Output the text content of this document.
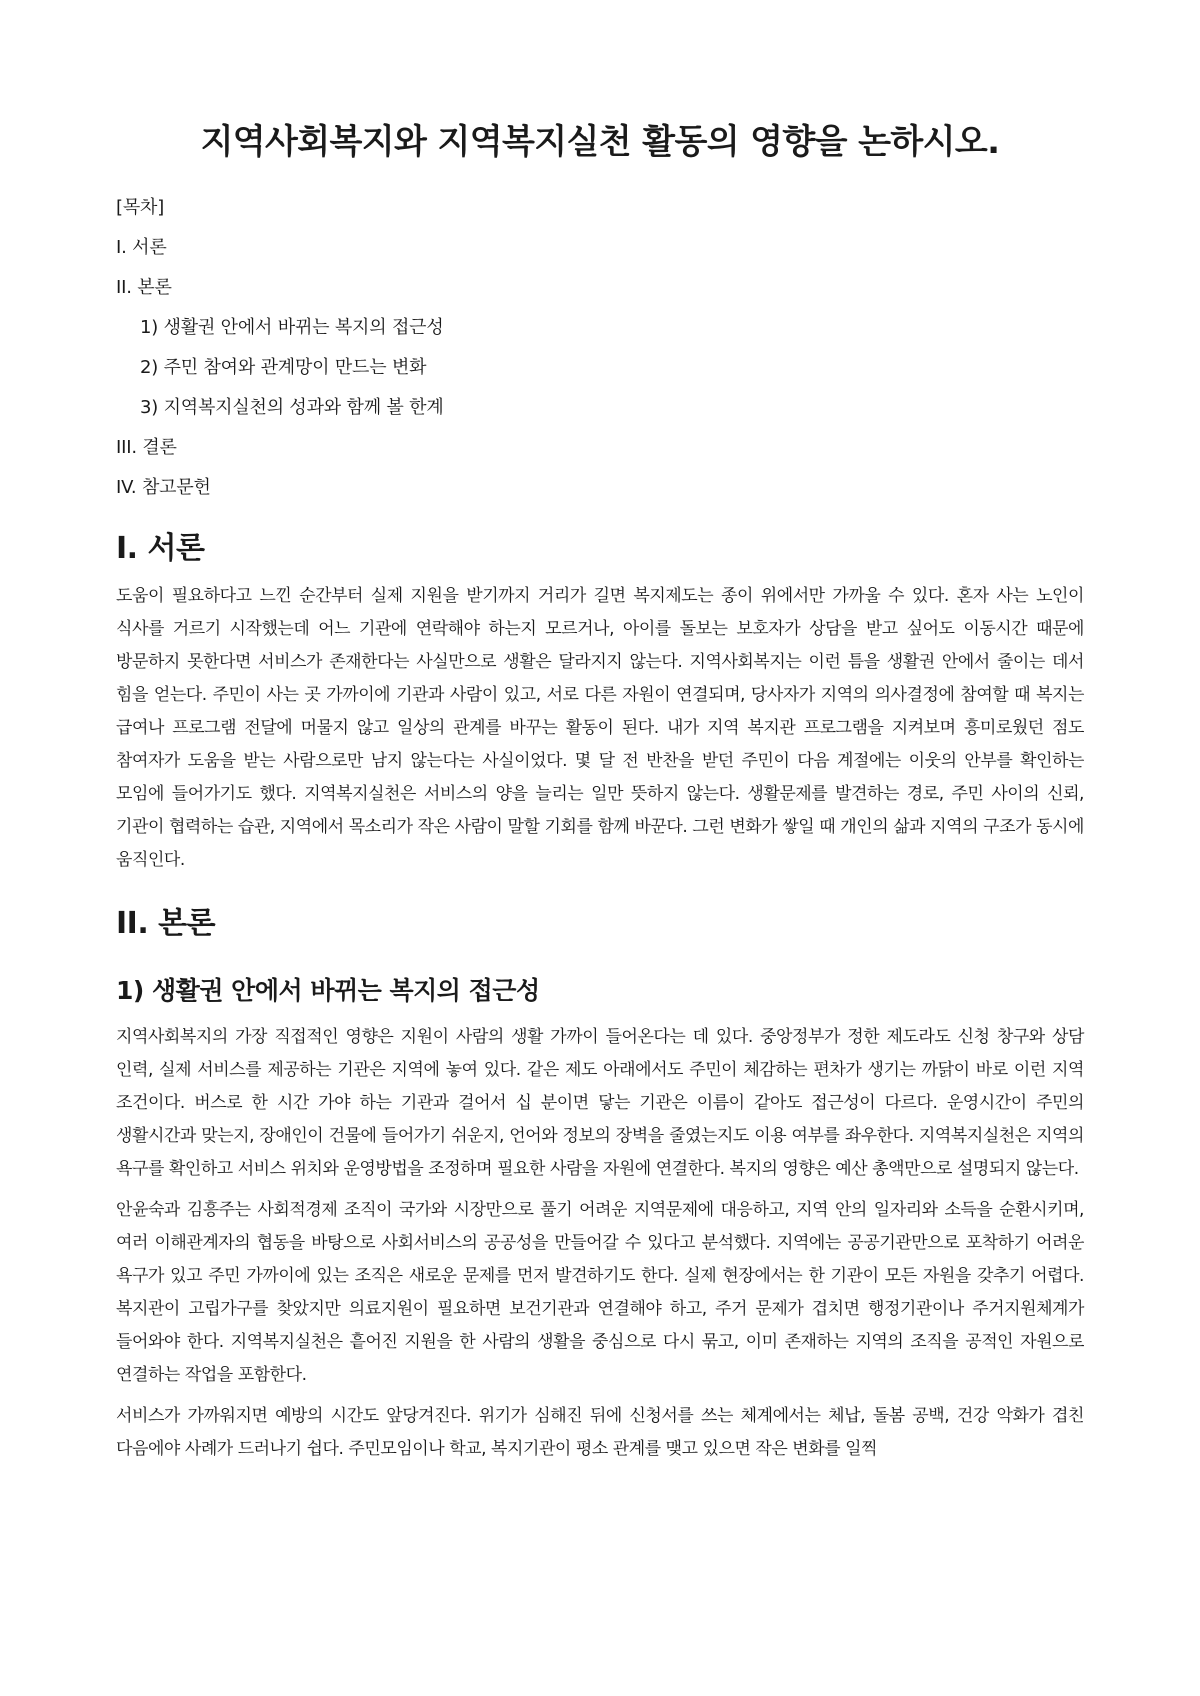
지역사회복지와 지역복지실천 활동의 영향을 논하시오.
[목차]
I. 서론
II. 본론
1) 생활권 안에서 바뀌는 복지의 접근성
2) 주민 참여와 관계망이 만드는 변화
3) 지역복지실천의 성과와 함께 볼 한계
III. 결론
IV. 참고문헌
I. 서론

도움이 필요하다고 느낀 순간부터 실제 지원을 받기까지 거리가 길면 복지제도는 종이 위에서만 가까울 수 있다. 혼자 사는 노인이 식사를 거르기 시작했는데 어느 기관에 연락해야 하는지 모르거나, 아이를 돌보는 보호자가 상담을 받고 싶어도 이동시간 때문에 방문하지 못한다면 서비스가 존재한다는 사실만으로 생활은 달라지지 않는다. 지역사회복지는 이런 틈을 생활권 안에서 줄이는 데서 힘을 얻는다. 주민이 사는 곳 가까이에 기관과 사람이 있고, 서로 다른 자원이 연결되며, 당사자가 지역의 의사결정에 참여할 때 복지는 급여나 프로그램 전달에 머물지 않고 일상의 관계를 바꾸는 활동이 된다. 내가 지역 복지관 프로그램을 지켜보며 흥미로웠던 점도 참여자가 도움을 받는 사람으로만 남지 않는다는 사실이었다. 몇 달 전 반찬을 받던 주민이 다음 계절에는 이웃의 안부를 확인하는 모임에 들어가기도 했다. 지역복지실천은 서비스의 양을 늘리는 일만 뜻하지 않는다. 생활문제를 발견하는 경로, 주민 사이의 신뢰, 기관이 협력하는 습관, 지역에서 목소리가 작은 사람이 말할 기회를 함께 바꾼다. 그런 변화가 쌓일 때 개인의 삶과 지역의 구조가 동시에 움직인다.

II. 본론
1) 생활권 안에서 바뀌는 복지의 접근성

지역사회복지의 가장 직접적인 영향은 지원이 사람의 생활 가까이 들어온다는 데 있다. 중앙정부가 정한 제도라도 신청 창구와 상담 인력, 실제 서비스를 제공하는 기관은 지역에 놓여 있다. 같은 제도 아래에서도 주민이 체감하는 편차가 생기는 까닭이 바로 이런 지역 조건이다. 버스로 한 시간 가야 하는 기관과 걸어서 십 분이면 닿는 기관은 이름이 같아도 접근성이 다르다. 운영시간이 주민의 생활시간과 맞는지, 장애인이 건물에 들어가기 쉬운지, 언어와 정보의 장벽을 줄였는지도 이용 여부를 좌우한다. 지역복지실천은 지역의 욕구를 확인하고 서비스 위치와 운영방법을 조정하며 필요한 사람을 자원에 연결한다. 복지의 영향은 예산 총액만으로 설명되지 않는다.

안윤숙과 김흥주는 사회적경제 조직이 국가와 시장만으로 풀기 어려운 지역문제에 대응하고, 지역 안의 일자리와 소득을 순환시키며, 여러 이해관계자의 협동을 바탕으로 사회서비스의 공공성을 만들어갈 수 있다고 분석했다. 지역에는 공공기관만으로 포착하기 어려운 욕구가 있고 주민 가까이에 있는 조직은 새로운 문제를 먼저 발견하기도 한다. 실제 현장에서는 한 기관이 모든 자원을 갖추기 어렵다. 복지관이 고립가구를 찾았지만 의료지원이 필요하면 보건기관과 연결해야 하고, 주거 문제가 겹치면 행정기관이나 주거지원체계가 들어와야 한다. 지역복지실천은 흩어진 지원을 한 사람의 생활을 중심으로 다시 묶고, 이미 존재하는 지역의 조직을 공적인 자원으로 연결하는 작업을 포함한다.

서비스가 가까워지면 예방의 시간도 앞당겨진다. 위기가 심해진 뒤에 신청서를 쓰는 체계에서는 체납, 돌봄 공백, 건강 악화가 겹친 다음에야 사례가 드러나기 쉽다. 주민모임이나 학교, 복지기관이 평소 관계를 맺고 있으면 작은 변화를 일찍
